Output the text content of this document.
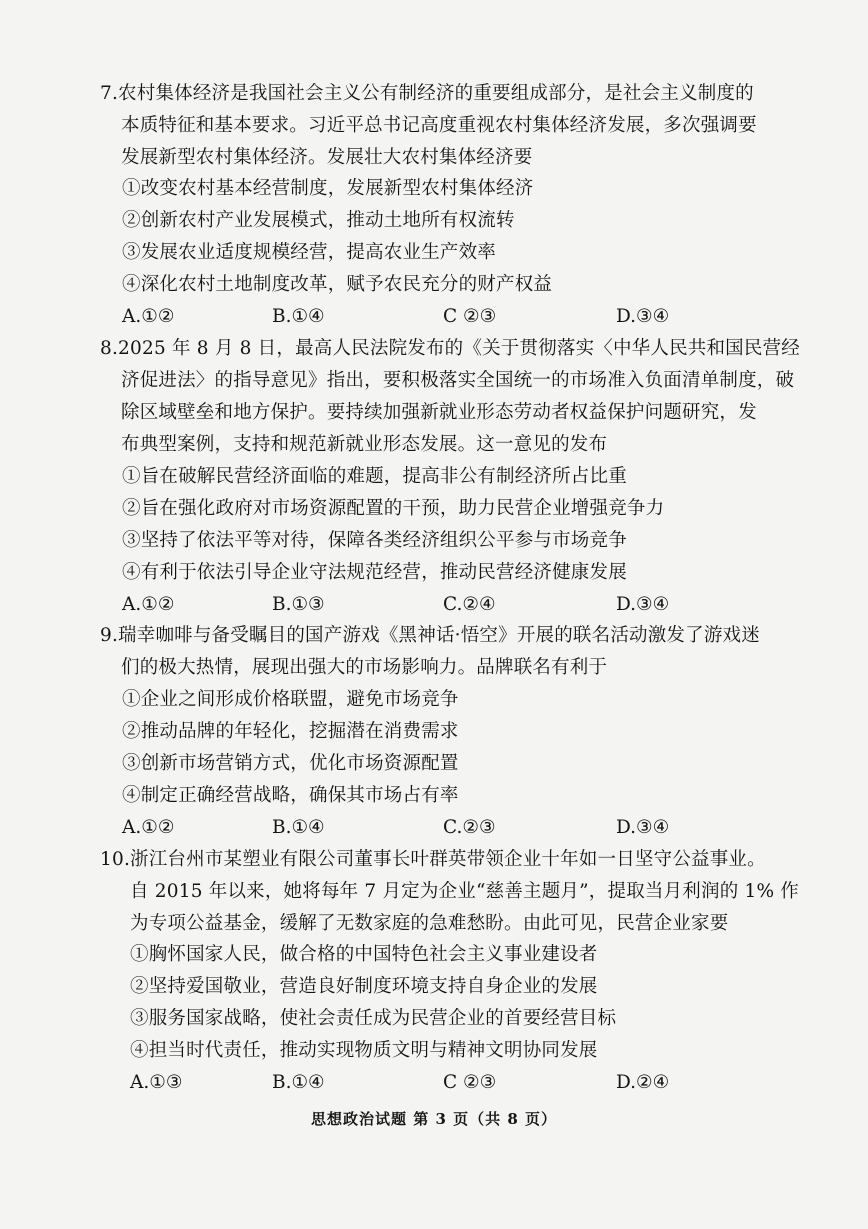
7.农村集体经济是我国社会主义公有制经济的重要组成部分，是社会主义制度的
本质特征和基本要求。习近平总书记高度重视农村集体经济发展，多次强调要
发展新型农村集体经济。发展壮大农村集体经济要
①改变农村基本经营制度，发展新型农村集体经济
②创新农村产业发展模式，推动土地所有权流转
③发展农业适度规模经营，提高农业生产效率
④深化农村土地制度改革，赋予农民充分的财产权益
A.①②	B.①④	C ②③	D.③④
8.2025 年 8 月 8 日，最高人民法院发布的《关于贯彻落实〈中华人民共和国民营经
济促进法〉的指导意见》指出，要积极落实全国统一的市场准入负面清单制度，破
除区域壁垒和地方保护。要持续加强新就业形态劳动者权益保护问题研究，发
布典型案例，支持和规范新就业形态发展。这一意见的发布
①旨在破解民营经济面临的难题，提高非公有制经济所占比重
②旨在强化政府对市场资源配置的干预，助力民营企业增强竞争力
③坚持了依法平等对待，保障各类经济组织公平参与市场竞争
④有利于依法引导企业守法规范经营，推动民营经济健康发展
A.①②	B.①③	C.②④	D.③④
9.瑞幸咖啡与备受瞩目的国产游戏《黑神话·悟空》开展的联名活动激发了游戏迷
们的极大热情，展现出强大的市场影响力。品牌联名有利于
①企业之间形成价格联盟，避免市场竞争
②推动品牌的年轻化，挖掘潜在消费需求
③创新市场营销方式，优化市场资源配置
④制定正确经营战略，确保其市场占有率
A.①②	B.①④	C.②③	D.③④
10.浙江台州市某塑业有限公司董事长叶群英带领企业十年如一日坚守公益事业。
自 2015 年以来，她将每年 7 月定为企业“慈善主题月”，提取当月利润的 1% 作
为专项公益基金，缓解了无数家庭的急难愁盼。由此可见，民营企业家要
①胸怀国家人民，做合格的中国特色社会主义事业建设者
②坚持爱国敬业，营造良好制度环境支持自身企业的发展
③服务国家战略，使社会责任成为民营企业的首要经营目标
④担当时代责任，推动实现物质文明与精神文明协同发展
A.①③	B.①④	C ②③	D.②④
思想政治试题 第 3 页（共 8 页）
